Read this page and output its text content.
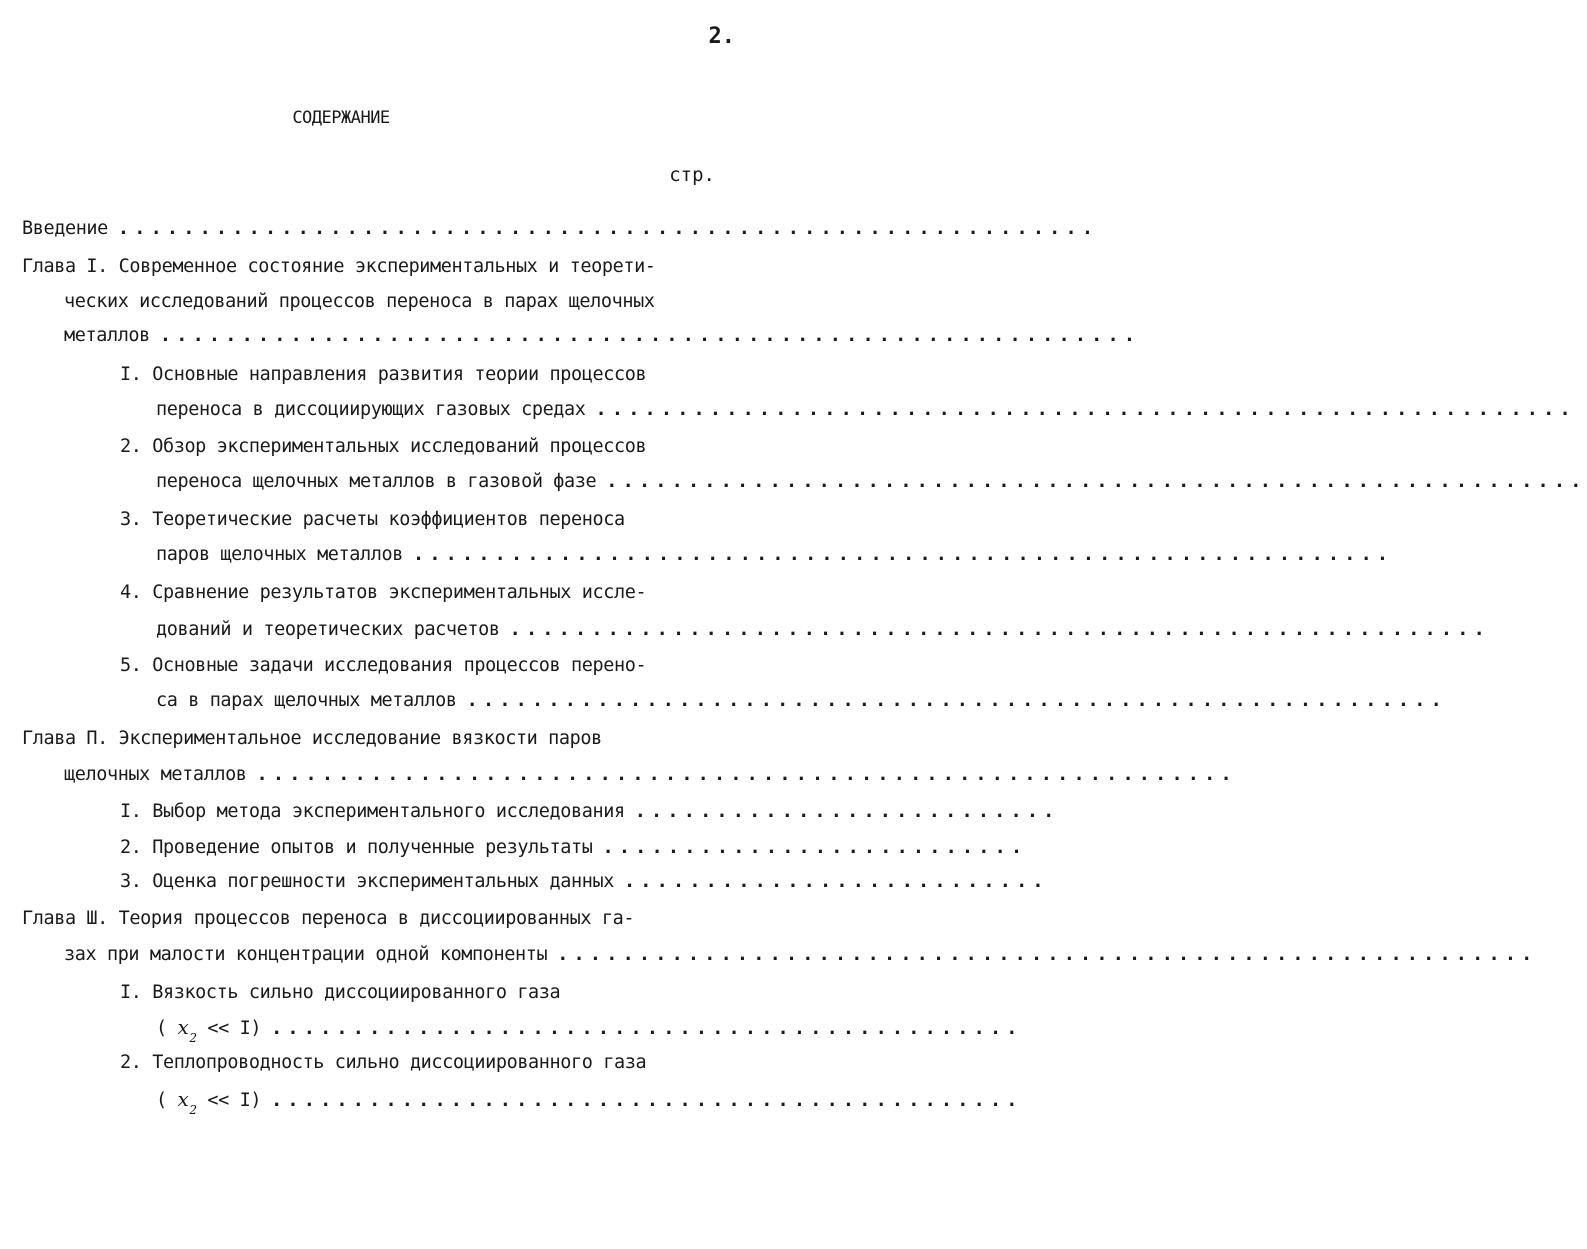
2.
СОДЕРЖАНИЕ
стр.
Введение ............................................................
Глава I. Современное состояние экспериментальных и теорети-
ческих исследований процессов переноса в парах щелочных
металлов ............................................................
I. Основные направления развития теории процессов
переноса в диссоциирующих газовых средах ............................................................
2. Обзор экспериментальных исследований процессов
переноса щелочных металлов в газовой фазе ............................................................
3. Теоретические расчеты коэффициентов переноса
паров щелочных металлов ............................................................
4. Сравнение результатов экспериментальных иссле-
дований и теоретических расчетов ............................................................
5. Основные задачи исследования процессов перено-
са в парах щелочных металлов ............................................................
Глава П. Экспериментальное исследование вязкости паров
щелочных металлов ............................................................
I. Выбор метода экспериментального исследования ..........................
2. Проведение опытов и полученные результаты ..........................
3. Оценка погрешности экспериментальных данных ..........................
Глава Ш. Теория процессов переноса в диссоциированных га-
зах при малости концентрации одной компоненты ............................................................
I. Вязкость сильно диссоциированного газа
( $x_2 << I$) ..............................................
2. Теплопроводность сильно диссоциированного газа
( $x_2 << I$) ..............................................
